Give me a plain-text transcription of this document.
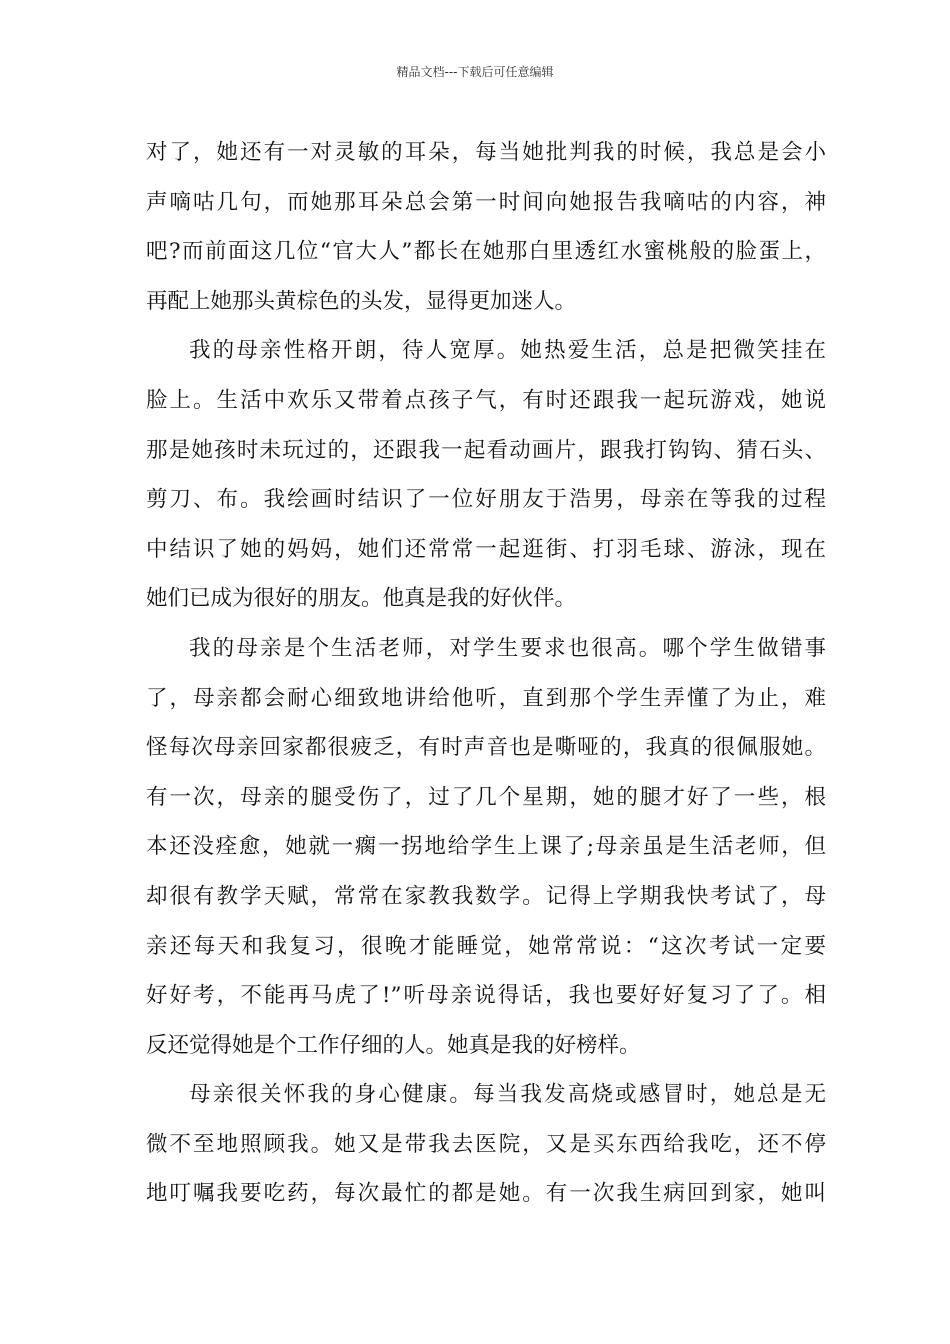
精品文档---下载后可任意编辑
对了，她还有一对灵敏的耳朵，每当她批判我的时候，我总是会小
声嘀咕几句，而她那耳朵总会第一时间向她报告我嘀咕的内容，神
吧?而前面这几位“官大人”都长在她那白里透红水蜜桃般的脸蛋上，
再配上她那头黄棕色的头发，显得更加迷人。
我的母亲性格开朗，待人宽厚。她热爱生活，总是把微笑挂在
脸上。生活中欢乐又带着点孩子气，有时还跟我一起玩游戏，她说
那是她孩时未玩过的，还跟我一起看动画片，跟我打钩钩、猜石头、
剪刀、布。我绘画时结识了一位好朋友于浩男，母亲在等我的过程
中结识了她的妈妈，她们还常常一起逛街、打羽毛球、游泳，现在
她们已成为很好的朋友。他真是我的好伙伴。
我的母亲是个生活老师，对学生要求也很高。哪个学生做错事
了，母亲都会耐心细致地讲给他听，直到那个学生弄懂了为止，难
怪每次母亲回家都很疲乏，有时声音也是嘶哑的，我真的很佩服她。
有一次，母亲的腿受伤了，过了几个星期，她的腿才好了一些，根
本还没痊愈，她就一瘸一拐地给学生上课了;母亲虽是生活老师，但
却很有教学天赋，常常在家教我数学。记得上学期我快考试了，母
亲还每天和我复习，很晚才能睡觉，她常常说：“这次考试一定要
好好考，不能再马虎了!”听母亲说得话，我也要好好复习了了。相
反还觉得她是个工作仔细的人。她真是我的好榜样。
母亲很关怀我的身心健康。每当我发高烧或感冒时，她总是无
微不至地照顾我。她又是带我去医院，又是买东西给我吃，还不停
地叮嘱我要吃药，每次最忙的都是她。有一次我生病回到家，她叫
